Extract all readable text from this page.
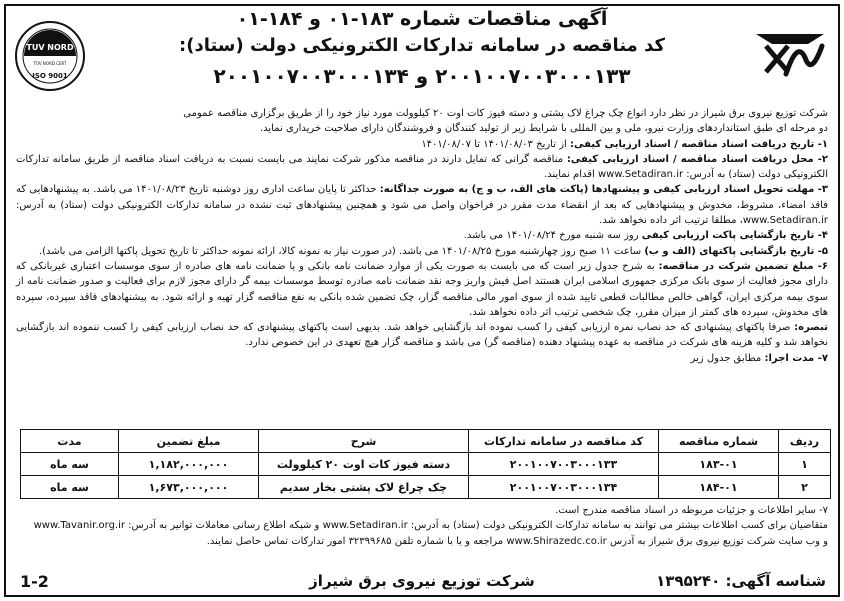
TUV NORD
TÜV NORD CERT
ISO 9001
آگهی مناقصات شماره ۱۸۳-۰۱ و ۱۸۴-۰۱
کد مناقصه در سامانه تدارکات الکترونیکی دولت (ستاد):
۲۰۰۱۰۰۷۰۰۳۰۰۰۱۳۳ و ۲۰۰۱۰۰۷۰۰۳۰۰۰۱۳۴

شرکت توزیع نیروی برق شیراز در نظر دارد انواع چک چراغ لاک پشتی و دسته فیوز کات اوت ۲۰ کیلوولت مورد نیاز خود را از طریق برگزاری مناقصه عمومی

دو مرحله ای طبق استانداردهای وزارت نیرو، ملی و بین المللی با شرایط زیر از تولید کنندگان و فروشندگان دارای صلاحیت خریداری نماید.

۱- تاریخ دریافت اسناد مناقصه / اسناد ارزیابی کیفی: از تاریخ ۱۴۰۱/۰۸/۰۳ تا ۱۴۰۱/۰۸/۰۷

۲- محل دریافت اسناد مناقصه / اسناد ارزیابی کیفی: مناقصه گرانی که تمایل دارند در مناقصه مذکور شرکت نمایند می بایست نسبت به دریافت اسناد مناقصه از طریق سامانه تدارکات الکترونیکی دولت (ستاد) به آدرس: www.Setadiran.ir اقدام نمایند.

۳- مهلت تحویل اسناد ارزیابی کیفی و پیشنهادها (پاکت های الف، ب و ج) به صورت جداگانه: حداکثر تا پایان ساعت اداری روز دوشنبه تاریخ ۱۴۰۱/۰۸/۲۳ می باشد. به پیشنهادهایی که فاقد امضاء، مشروط، مخدوش و پیشنهادهایی که بعد از انقضاء مدت مقرر در فراخوان واصل می شود و همچنین پیشنهادهای ثبت نشده در سامانه تدارکات الکترونیکی دولت (ستاد) به آدرس: www.Setadiran.ir، مطلقا ترتیب اثر داده نخواهد شد.

۴- تاریخ بازگشایی پاکت ارزیابی کیفی روز سه شنبه مورخ ۱۴۰۱/۰۸/۲۴ می باشد.

۵- تاریخ بازگشایی پاکتهای (الف و ب) ساعت ۱۱ صبح روز چهارشنبه مورخ ۱۴۰۱/۰۸/۲۵ می باشد. (در صورت نیاز به نمونه کالا، ارائه نمونه حداکثر تا تاریخ تحویل پاکتها الزامی می باشد).

۶- مبلغ تضمین شرکت در مناقصه: به شرح جدول زیر است که می بایست به صورت یکی از موارد ضمانت نامه بانکی و یا ضمانت نامه های صادره از سوی موسسات اعتباری غیربانکی که دارای مجوز فعالیت از سوی بانک مرکزی جمهوری اسلامی ایران هستند اصل فیش واریز وجه نقد ضمانت نامه صادره توسط موسسات بیمه گر دارای مجوز لازم برای فعالیت و صدور ضمانت نامه از سوی بیمه مرکزی ایران، گواهی خالص مطالبات قطعی تایید شده از سوی امور مالی مناقصه گزار، چک تضمین شده بانکی به نفع مناقصه گزار تهیه و ارائه شود. به پیشنهادهای فاقد سپرده، سپرده های مخدوش، سپرده های کمتر از میزان مقرر، چک شخصی ترتیب اثر داده نخواهد شد.

تبصره: صرفا پاکتهای پیشنهادی که حد نصاب نمره ارزیابی کیفی را کسب نموده اند بازگشایی خواهد شد. بدیهی است پاکتهای پیشنهادی که حد نصاب ارزیابی کیفی را کسب ننموده اند بازگشایی نخواهد شد و کلیه هزینه های شرکت در مناقصه به عهده پیشنهاد دهنده (مناقصه گر) می باشد و مناقصه گزار هیچ تعهدی در این خصوص ندارد.

۷- مدت اجرا: مطابق جدول زیر

ردیف	شماره مناقصه	کد مناقصه در سامانه تدارکات	شرح	مبلغ تضمین	مدت
۱	۱۸۳-۰۱	۲۰۰۱۰۰۷۰۰۳۰۰۰۱۳۳	دسته فیوز کات اوت ۲۰ کیلوولت	۱,۱۸۲,۰۰۰,۰۰۰	سه ماه
۲	۱۸۴-۰۱	۲۰۰۱۰۰۷۰۰۳۰۰۰۱۳۴	چک چراغ لاک پشتی بخار سدیم	۱,۶۷۳,۰۰۰,۰۰۰	سه ماه

۷- سایر اطلاعات و جزئیات مربوطه در اسناد مناقصه مندرج است.

متقاضیان برای کسب اطلاعات بیشتر می توانند به سامانه تدارکات الکترونیکی دولت (ستاد) به آدرس: www.Setadiran.ir و شبکه اطلاع رسانی معاملات توانیر به آدرس: www.Tavanir.org.ir

و وب سایت شرکت توزیع نیروی برق شیراز به آدرس www.Shirazedc.co.ir مراجعه و یا با شماره تلفن ۳۲۳۹۹۶۸۵ امور تدارکات تماس حاصل نمایند.

شرکت توزیع نیروی برق شیراز	شناسه آگهی: ۱۳۹۵۲۴۰
1-2
